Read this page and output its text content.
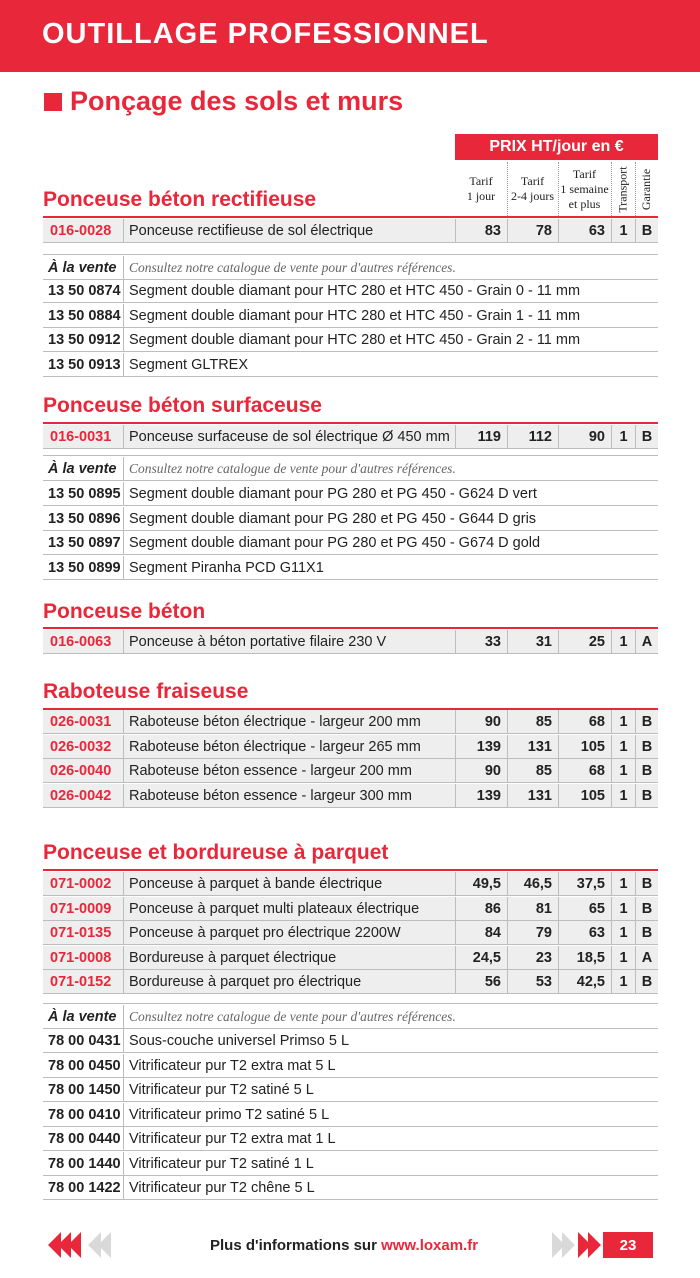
OUTILLAGE PROFESSIONNEL
Ponçage des sols et murs
PRIX HT/jour en €
Tarif
1 jour
Tarif
2-4 jours
Tarif
1 semaine
et plus	Transport Garantie
Ponceuse béton rectifieuse
016-0028	Ponceuse rectifieuse de sol électrique	83	78	63 1 B
À la vente Consultez notre catalogue de vente pour d'autres références.
13 50 0874 Segment double diamant pour HTC 280 et HTC 450 - Grain 0 - 11 mm
13 50 0884 Segment double diamant pour HTC 280 et HTC 450 - Grain 1 - 11 mm
13 50 0912 Segment double diamant pour HTC 280 et HTC 450 - Grain 2 - 11 mm
13 50 0913 Segment GLTREX
Ponceuse béton surfaceuse
016-0031	Ponceuse surfaceuse de sol électrique Ø 450 mm	119	112	90 1 B
À la vente Consultez notre catalogue de vente pour d'autres références.
13 50 0895 Segment double diamant pour PG 280 et PG 450 - G624 D vert
13 50 0896 Segment double diamant pour PG 280 et PG 450 - G644 D gris
13 50 0897 Segment double diamant pour PG 280 et PG 450 - G674 D gold
13 50 0899 Segment Piranha PCD G11X1
Ponceuse béton
016-0063	Ponceuse à béton portative filaire 230 V	33	31	25 1 A
Raboteuse fraiseuse
026-0031	Raboteuse béton électrique - largeur 200 mm	90	85	68 1 B
026-0032	Raboteuse béton électrique - largeur 265 mm	139	131	105 1 B
026-0040	Raboteuse béton essence - largeur 200 mm	90	85	68 1 B
026-0042	Raboteuse béton essence - largeur 300 mm	139	131	105 1 B
Ponceuse et bordureuse à parquet
071-0002	Ponceuse à parquet à bande électrique	49,5	46,5	37,5 1 B
071-0009	Ponceuse à parquet multi plateaux électrique	86	81	65 1 B
071-0135	Ponceuse à parquet pro électrique 2200W	84	79	63 1 B
071-0008	Bordureuse à parquet électrique	24,5	23	18,5 1 A
071-0152	Bordureuse à parquet pro électrique	56	53	42,5 1 B
À la vente Consultez notre catalogue de vente pour d'autres références.
78 00 0431 Sous-couche universel Primso 5 L
78 00 0450 Vitrificateur pur T2 extra mat 5 L
78 00 1450 Vitrificateur pur T2 satiné 5 L
78 00 0410 Vitrificateur primo T2 satiné 5 L
78 00 0440 Vitrificateur pur T2 extra mat 1 L
78 00 1440 Vitrificateur pur T2 satiné 1 L
78 00 1422 Vitrificateur pur T2 chêne 5 L
Plus d'informations sur www.loxam.fr	23
